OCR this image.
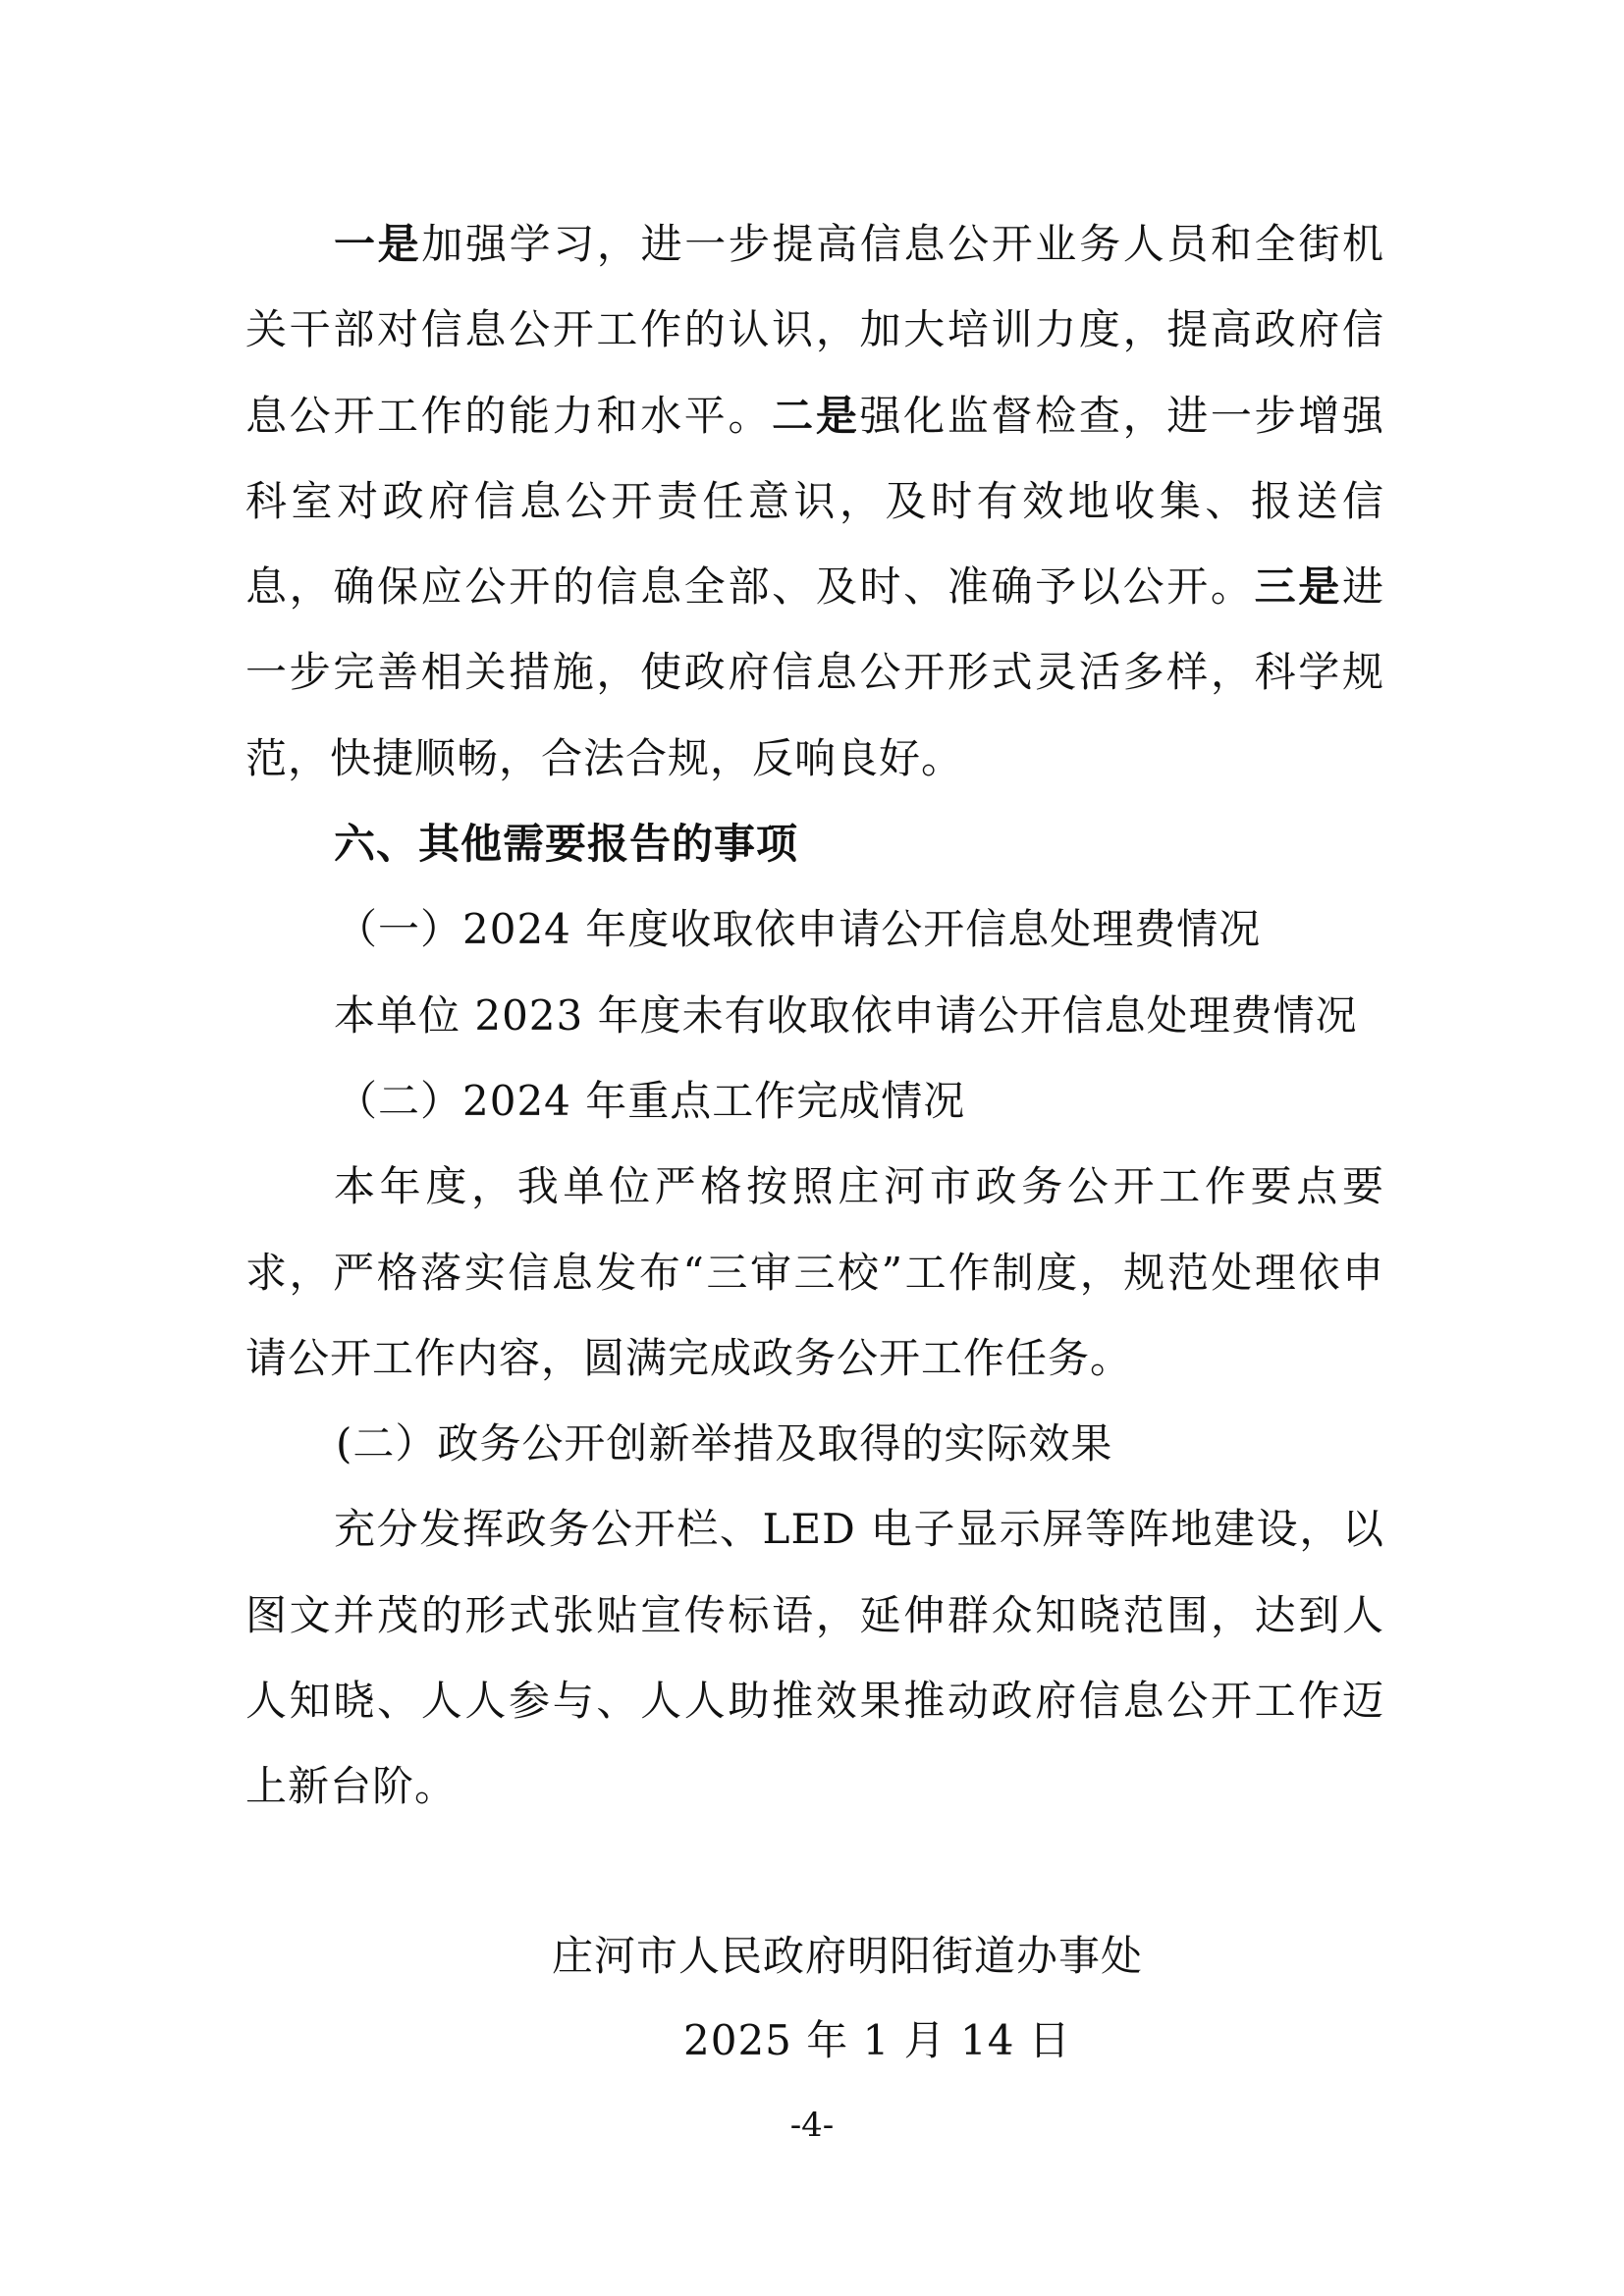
一是加强学习，进一步提高信息公开业务人员和全街机关干部对信息公开工作的认识，加大培训力度，提高政府信息公开工作的能力和水平。二是强化监督检查，进一步增强科室对政府信息公开责任意识，及时有效地收集、报送信息，确保应公开的信息全部、及时、准确予以公开。三是进一步完善相关措施，使政府信息公开形式灵活多样，科学规范，快捷顺畅，合法合规，反响良好。

六、其他需要报告的事项

（一）2024 年度收取依申请公开信息处理费情况

本单位 2023 年度未有收取依申请公开信息处理费情况

（二）2024 年重点工作完成情况

本年度，我单位严格按照庄河市政务公开工作要点要求，严格落实信息发布“三审三校”工作制度，规范处理依申请公开工作内容，圆满完成政务公开工作任务。

(二）政务公开创新举措及取得的实际效果

充分发挥政务公开栏、LED 电子显示屏等阵地建设，以图文并茂的形式张贴宣传标语，延伸群众知晓范围，达到人人知晓、人人参与、人人助推效果推动政府信息公开工作迈上新台阶。

庄河市人民政府明阳街道办事处
2025 年 1 月 14 日
-4-
